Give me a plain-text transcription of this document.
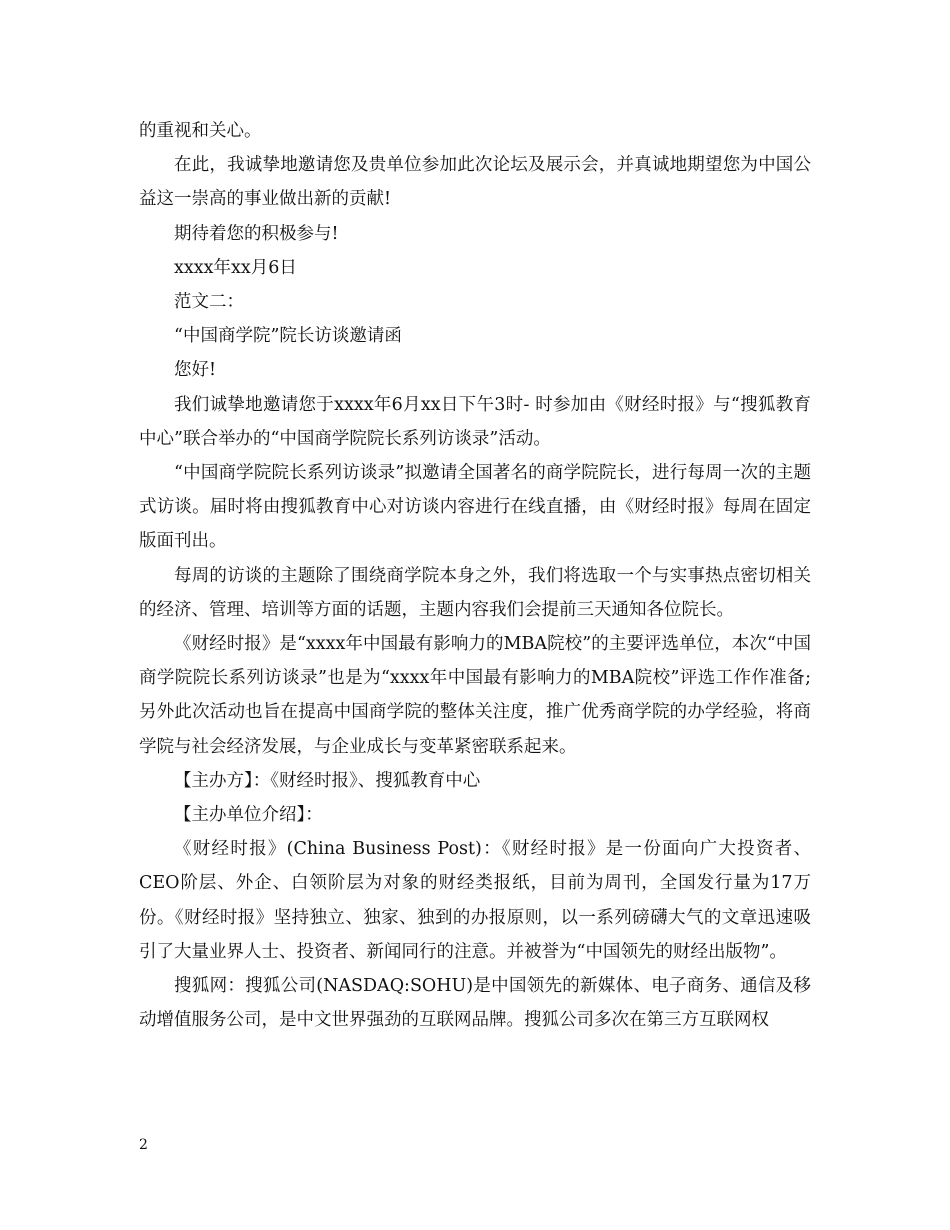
的重视和关心。

在此，我诚挚地邀请您及贵单位参加此次论坛及展示会，并真诚地期望您为中国公益这一崇高的事业做出新的贡献!

期待着您的积极参与!

xxxx年xx月6日

范文二：

“中国商学院”院长访谈邀请函

您好!

我们诚挚地邀请您于xxxx年6月xx日下午3时- 时参加由《财经时报》与“搜狐教育中心”联合举办的“中国商学院院长系列访谈录”活动。

“中国商学院院长系列访谈录”拟邀请全国著名的商学院院长，进行每周一次的主题式访谈。届时将由搜狐教育中心对访谈内容进行在线直播，由《财经时报》每周在固定版面刊出。

每周的访谈的主题除了围绕商学院本身之外，我们将选取一个与实事热点密切相关的经济、管理、培训等方面的话题，主题内容我们会提前三天通知各位院长。

《财经时报》是“xxxx年中国最有影响力的MBA院校”的主要评选单位，本次“中国商学院院长系列访谈录”也是为“xxxx年中国最有影响力的MBA院校”评选工作作准备;另外此次活动也旨在提高中国商学院的整体关注度，推广优秀商学院的办学经验，将商学院与社会经济发展，与企业成长与变革紧密联系起来。

【主办方】：《财经时报》、搜狐教育中心

【主办单位介绍】：

《财经时报》(China Business Post)：《财经时报》是一份面向广大投资者、CEO阶层、外企、白领阶层为对象的财经类报纸，目前为周刊，全国发行量为17万份。《财经时报》坚持独立、独家、独到的办报原则，以一系列磅礴大气的文章迅速吸引了大量业界人士、投资者、新闻同行的注意。并被誉为“中国领先的财经出版物”。

搜狐网：搜狐公司(NASDAQ:SOHU)是中国领先的新媒体、电子商务、通信及移动增值服务公司，是中文世界强劲的互联网品牌。搜狐公司多次在第三方互联网权

2
